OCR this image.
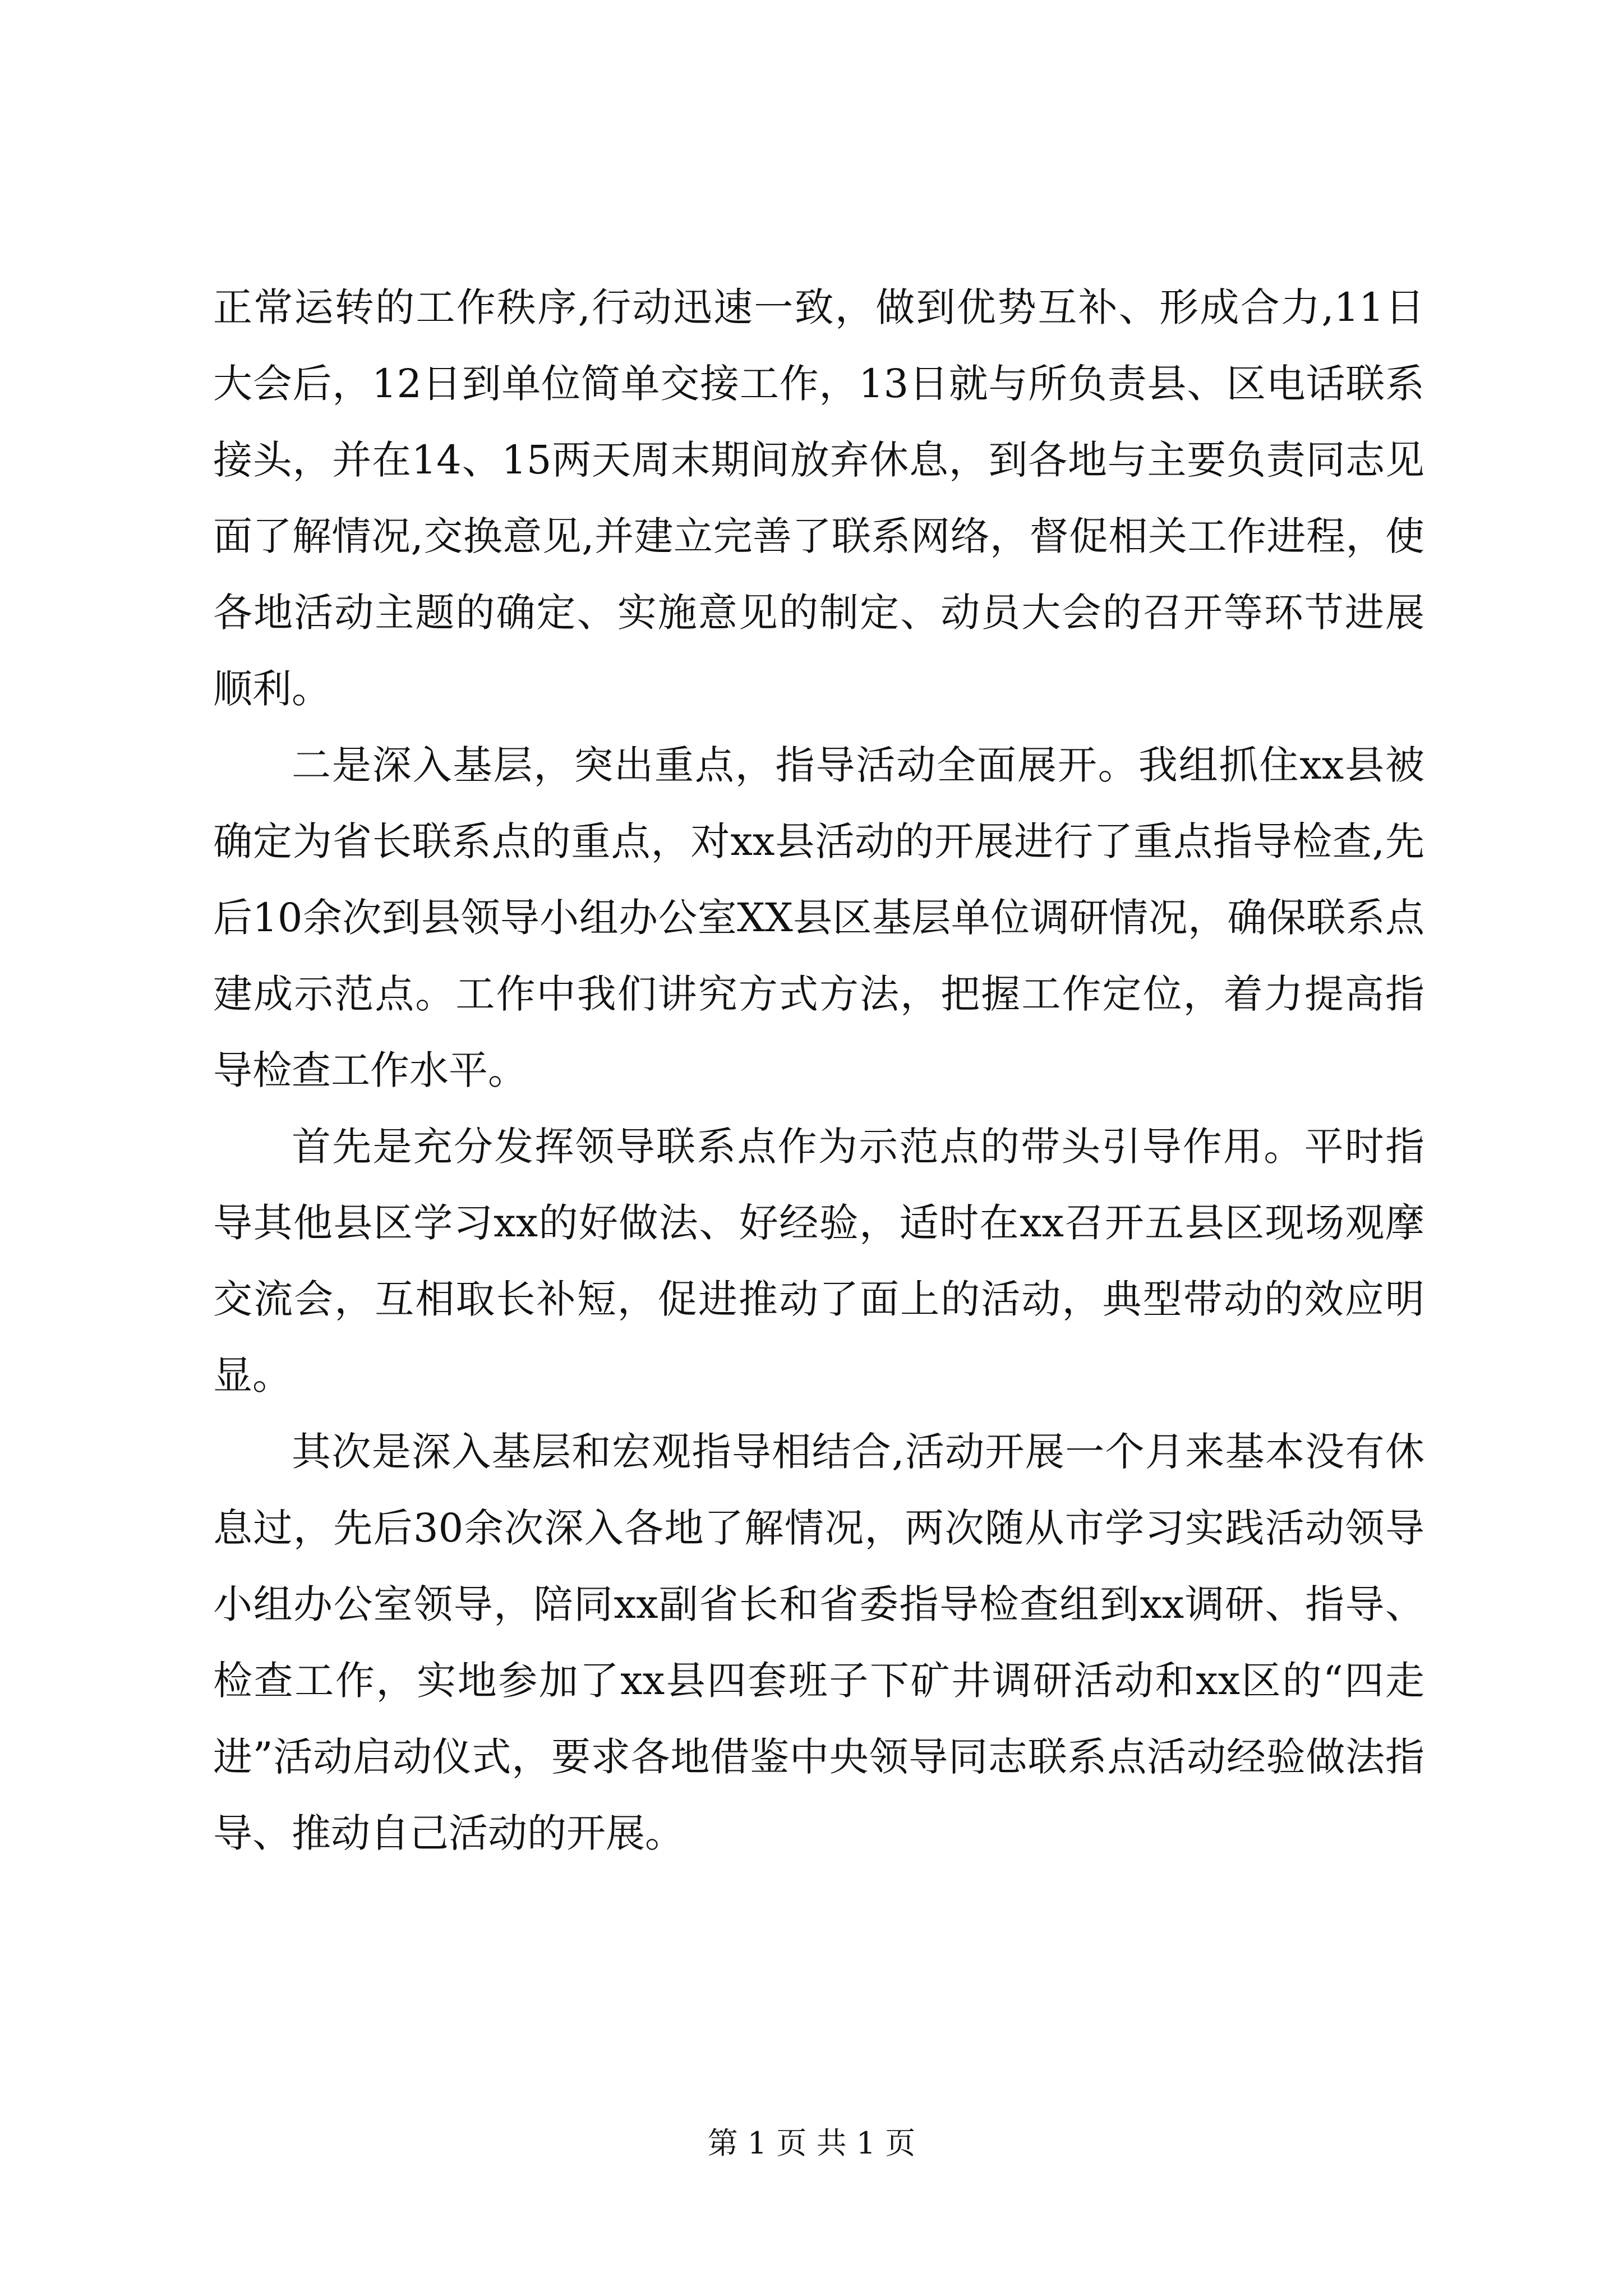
正常运转的工作秩序,行动迅速一致，做到优势互补、形成合力,11日大会后，12日到单位简单交接工作，13日就与所负责县、区电话联系接头，并在14、15两天周末期间放弃休息，到各地与主要负责同志见面了解情况,交换意见,并建立完善了联系网络，督促相关工作进程，使各地活动主题的确定、实施意见的制定、动员大会的召开等环节进展顺利。

二是深入基层，突出重点，指导活动全面展开。我组抓住xx县被确定为省长联系点的重点，对xx县活动的开展进行了重点指导检查,先后10余次到县领导小组办公室XX县区基层单位调研情况，确保联系点建成示范点。工作中我们讲究方式方法，把握工作定位，着力提高指导检查工作水平。

首先是充分发挥领导联系点作为示范点的带头引导作用。平时指导其他县区学习xx的好做法、好经验，适时在xx召开五县区现场观摩交流会，互相取长补短，促进推动了面上的活动，典型带动的效应明显。

其次是深入基层和宏观指导相结合,活动开展一个月来基本没有休息过，先后30余次深入各地了解情况，两次随从市学习实践活动领导小组办公室领导，陪同xx副省长和省委指导检查组到xx调研、指导、检查工作，实地参加了xx县四套班子下矿井调研活动和xx区的“四走进”活动启动仪式，要求各地借鉴中央领导同志联系点活动经验做法指导、推动自己活动的开展。

第 1 页 共 1 页
